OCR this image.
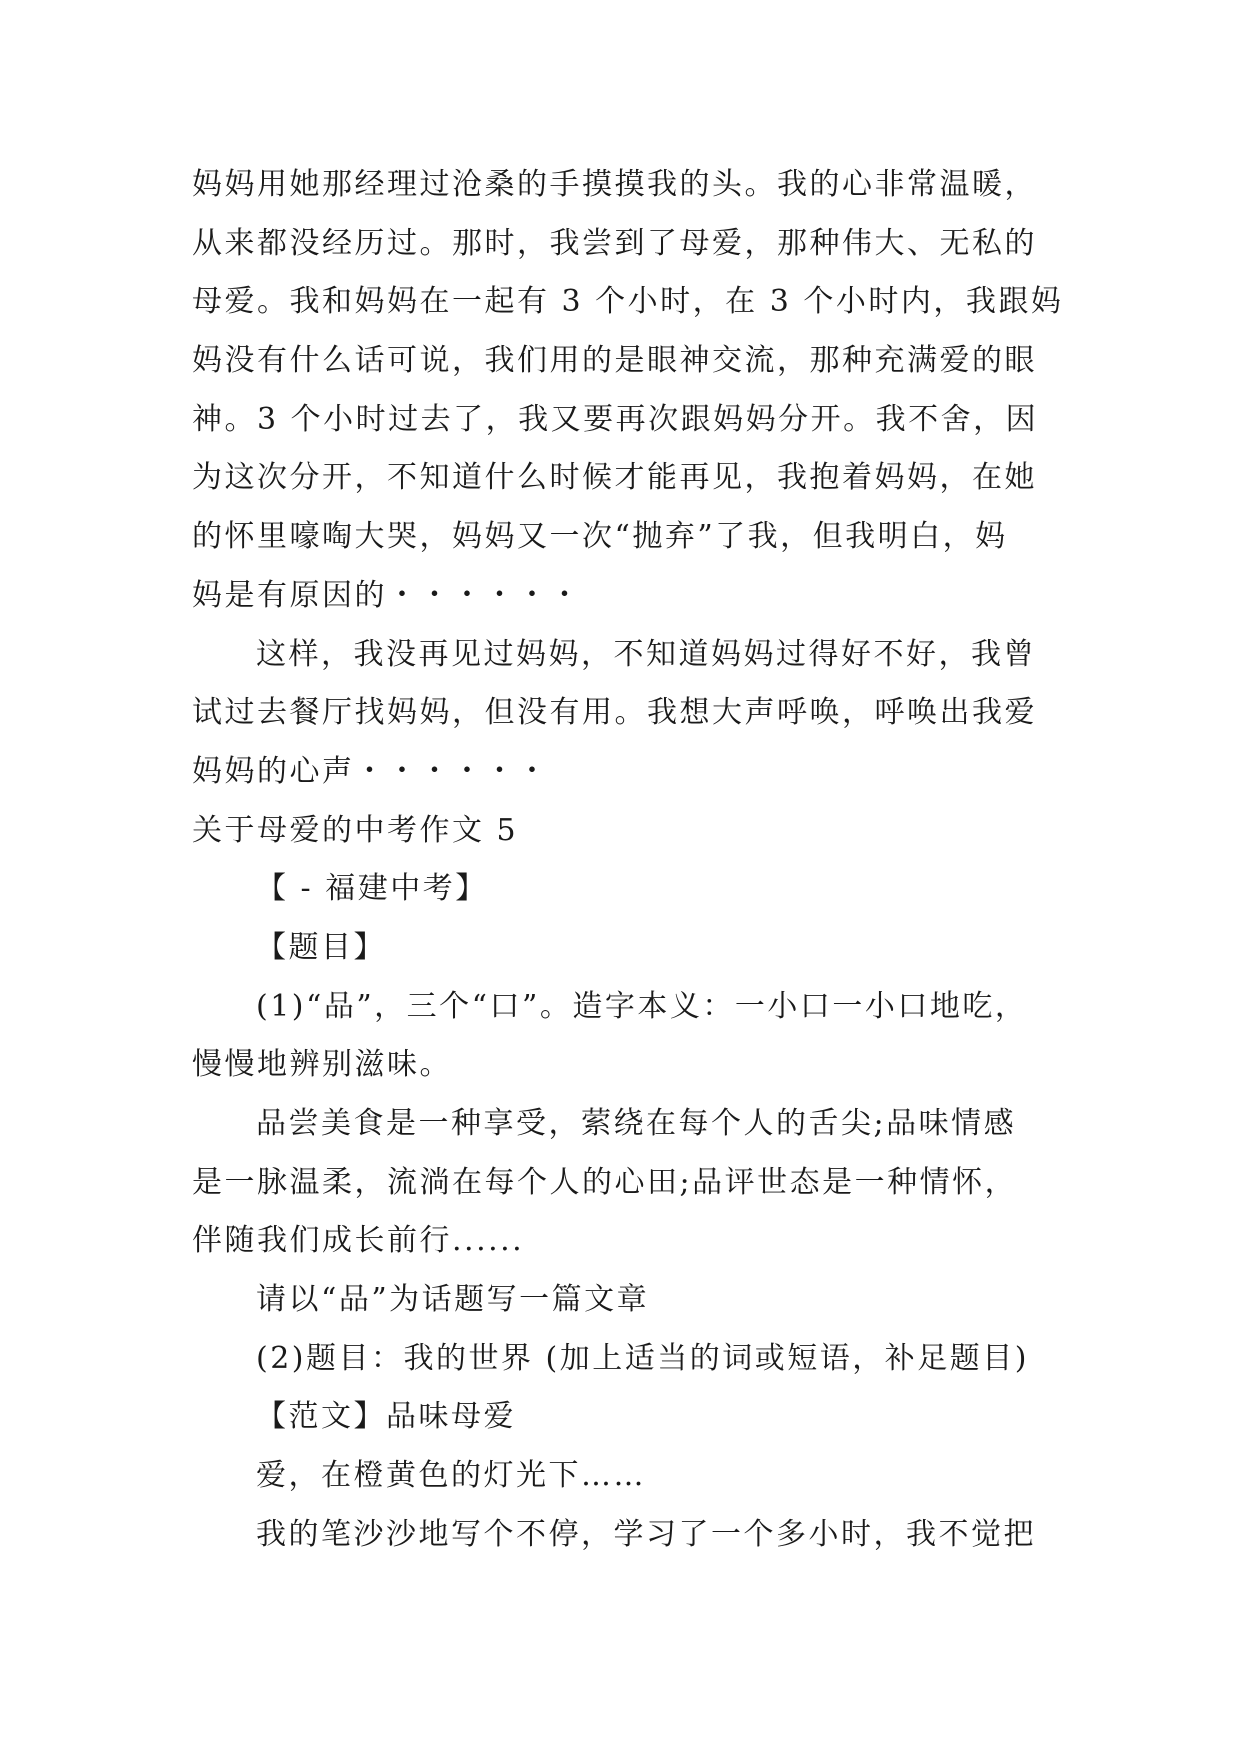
妈妈用她那经理过沧桑的手摸摸我的头。我的心非常温暖，
从来都没经历过。那时，我尝到了母爱，那种伟大、无私的
母爱。我和妈妈在一起有 3 个小时，在 3 个小时内，我跟妈
妈没有什么话可说，我们用的是眼神交流，那种充满爱的眼
神。3 个小时过去了，我又要再次跟妈妈分开。我不舍，因
为这次分开，不知道什么时候才能再见，我抱着妈妈，在她
的怀里嚎啕大哭，妈妈又一次“抛弃”了我，但我明白，妈
妈是有原因的・・・・・・
这样，我没再见过妈妈，不知道妈妈过得好不好，我曾
试过去餐厅找妈妈，但没有用。我想大声呼唤，呼唤出我爱
妈妈的心声・・・・・・
关于母爱的中考作文 5
【 - 福建中考】
【题目】
(1)“品”，三个“口”。造字本义：一小口一小口地吃，
慢慢地辨别滋味。
品尝美食是一种享受，萦绕在每个人的舌尖;品味情感
是一脉温柔，流淌在每个人的心田;品评世态是一种情怀，
伴随我们成长前行......
请以“品”为话题写一篇文章
(2)题目：我的世界 (加上适当的词或短语，补足题目)
【范文】品味母爱
爱，在橙黄色的灯光下……
我的笔沙沙地写个不停，学习了一个多小时，我不觉把
